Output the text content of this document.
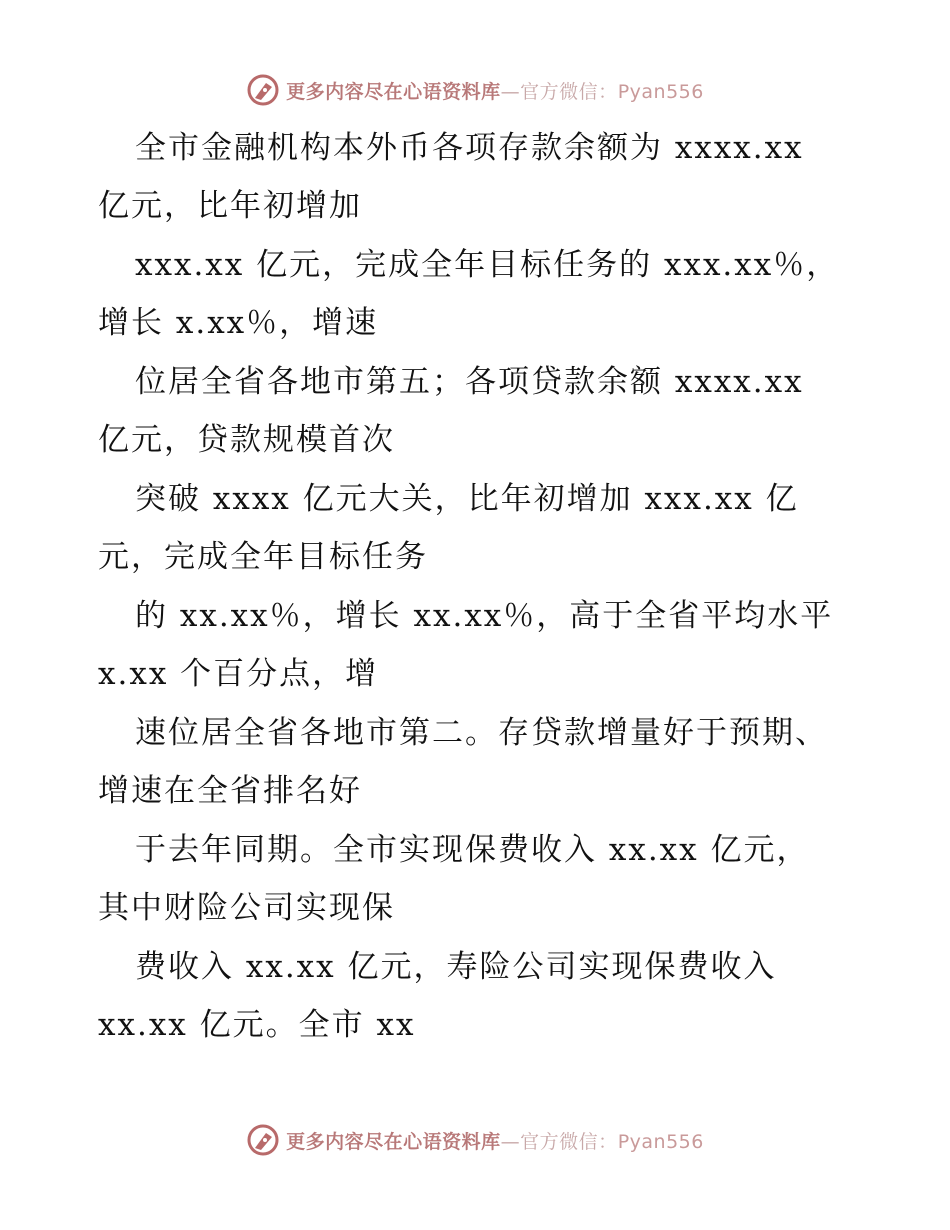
更多内容尽在心语资料库—官方微信：Pyan556
全市金融机构本外币各项存款余额为 xxxx.xx
亿元，比年初增加
xxx.xx 亿元，完成全年目标任务的 xxx.xx％，
增长 x.xx％，增速
位居全省各地市第五；各项贷款余额 xxxx.xx
亿元，贷款规模首次
突破 xxxx 亿元大关，比年初增加 xxx.xx 亿
元，完成全年目标任务
的 xx.xx％，增长 xx.xx％，高于全省平均水平
x.xx 个百分点，增
速位居全省各地市第二。存贷款增量好于预期、
增速在全省排名好
于去年同期。全市实现保费收入 xx.xx 亿元，
其中财险公司实现保
费收入 xx.xx 亿元，寿险公司实现保费收入
xx.xx 亿元。全市 xx
更多内容尽在心语资料库—官方微信：Pyan556
